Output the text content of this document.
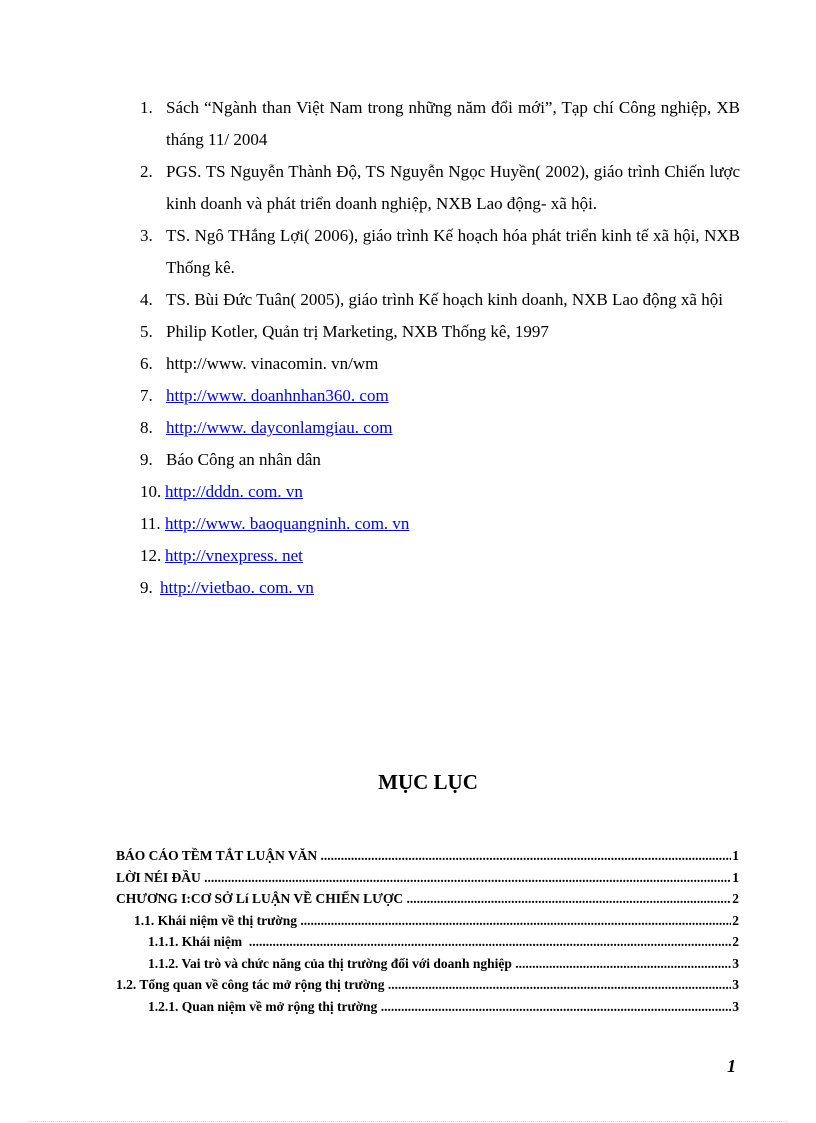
1. Sách “Ngành than Việt Nam trong những năm đổi mới”, Tạp chí Công nghiệp, XB tháng 11/ 2004
2. PGS. TS Nguyễn Thành Độ, TS Nguyễn Ngọc Huyền( 2002), giáo trình Chiến lược kinh doanh và phát triển doanh nghiệp, NXB Lao động- xã hội.
3. TS. Ngô THắng Lợi( 2006), giáo trình Kế hoạch hóa phát triển kinh tế xã hội, NXB Thống kê.
4. TS. Bùi Đức Tuân( 2005), giáo trình Kế hoạch kinh doanh, NXB Lao động xã hội
5. Philip Kotler, Quản trị Marketing, NXB Thống kê, 1997
6. http://www. vinacomin. vn/wm
7. http://www. doanhnhan360. com
8. http://www. dayconlamgiau. com
9. Báo Công an nhân dân
10. http://dddn. com. vn
11. http://www. baoquangninh. com. vn
12. http://vnexpress. net
9. http://vietbao. com. vn
MỤC LỤC
BÁO CÁO TỀM TẮT LUẬN VĂN .....	1
LỜI NÉI ĐẦU .....	1
CHƯƠNG I:CƠ SỞ Lí LUẬN VỀ CHIẾN LƯỢC .....	2
1.1. Khái niệm về thị trường .....	2
1.1.1. Khái niệm .....	2
1.1.2. Vai trò và chức năng của thị trường đối với doanh nghiệp .....	3
1.2. Tổng quan về công tác mở rộng thị trường .....	3
1.2.1. Quan niệm về mở rộng thị trường .....	3
1
